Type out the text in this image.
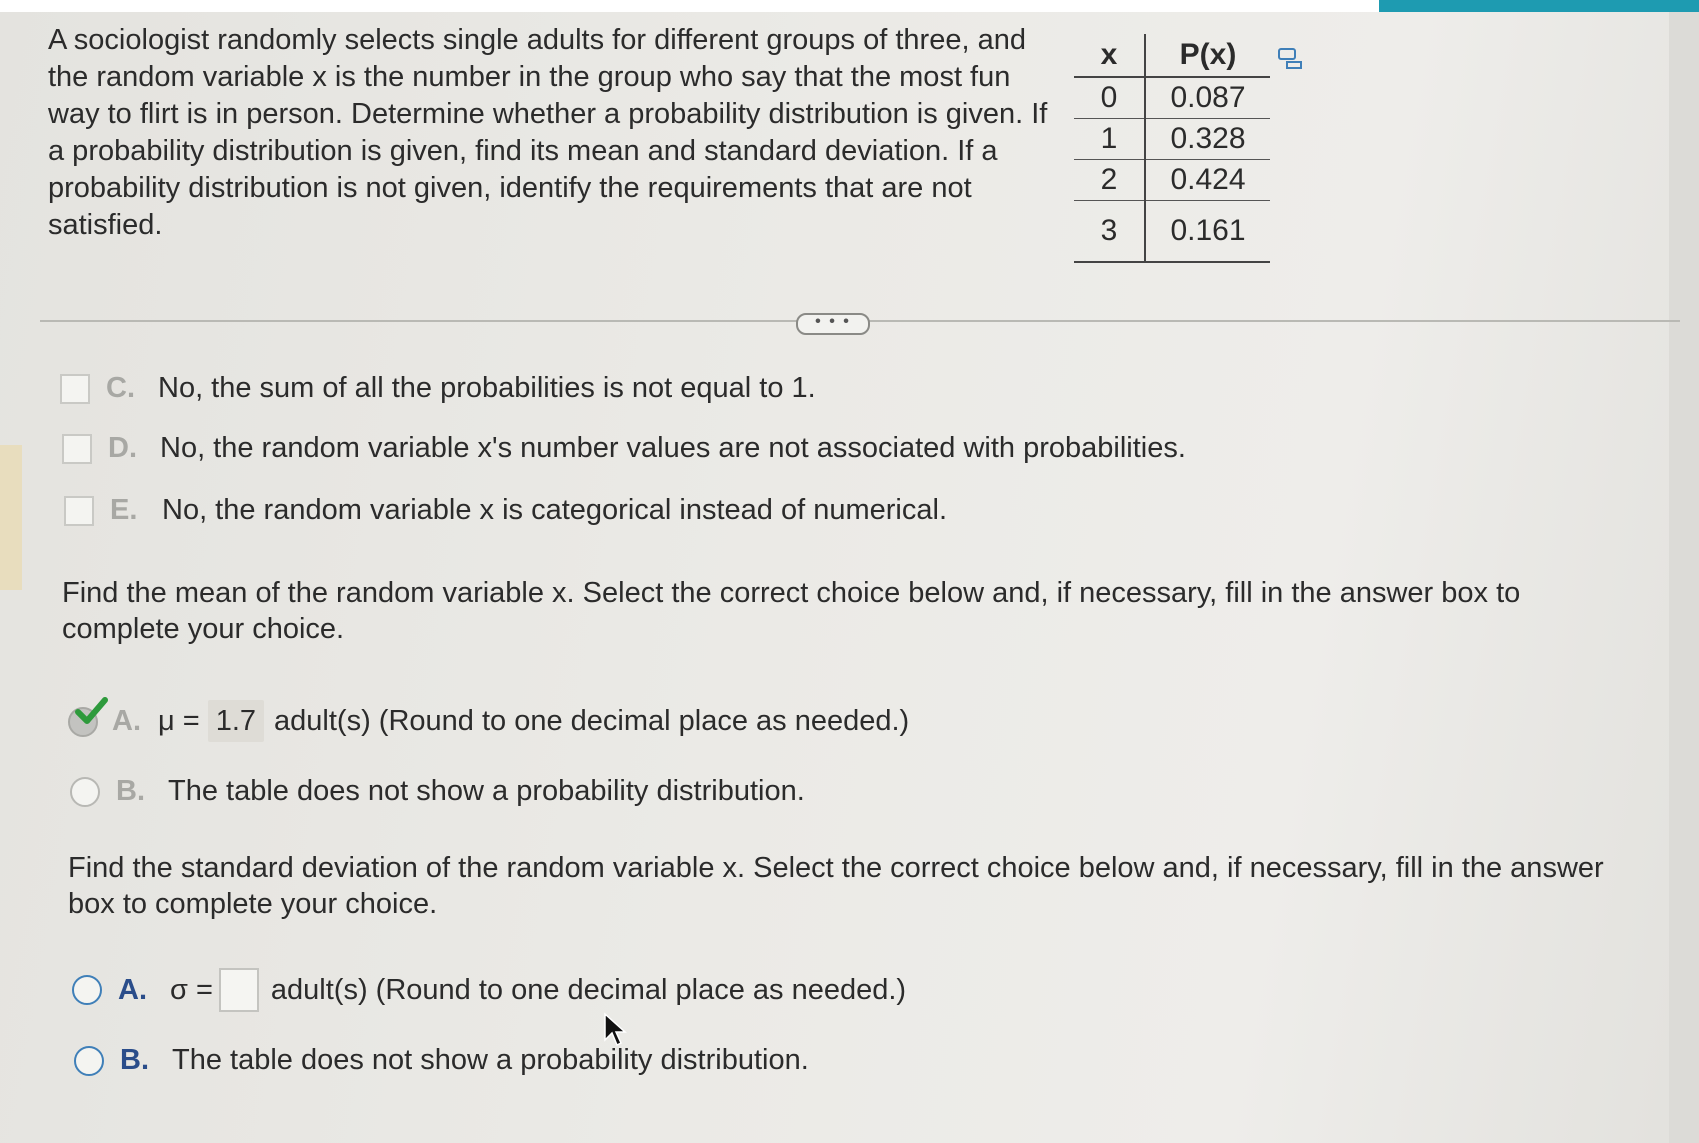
A sociologist randomly selects single adults for different groups of three, and the random variable x is the number in the group who say that the most fun way to flirt is in person. Determine whether a probability distribution is given. If a probability distribution is given, find its mean and standard deviation. If a probability distribution is not given, identify the requirements that are not satisfied.

x	P(x)
0	0.087
1	0.328
2	0.424
3	0.161
• • •
C. No, the sum of all the probabilities is not equal to 1.
D. No, the random variable x's number values are not associated with probabilities.
E. No, the random variable x is categorical instead of numerical.

Find the mean of the random variable x. Select the correct choice below and, if necessary, fill in the answer box to complete your choice.

A. μ = 1.7 adult(s) (Round to one decimal place as needed.)
B. The table does not show a probability distribution.

Find the standard deviation of the random variable x. Select the correct choice below and, if necessary, fill in the answer box to complete your choice.

A. σ = adult(s) (Round to one decimal place as needed.)
B. The table does not show a probability distribution.
